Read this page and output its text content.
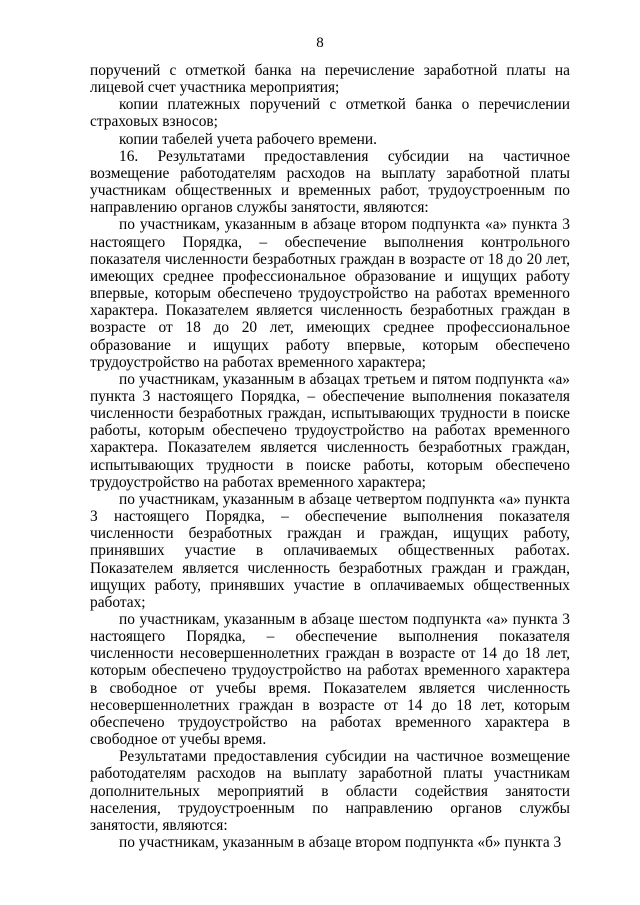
8

поручений с отметкой банка на перечисление заработной платы на лицевой счет участника мероприятия;

копии платежных поручений с отметкой банка о перечислении страховых взносов;

копии табелей учета рабочего времени.

16. Результатами предоставления субсидии на частичное возмещение работодателям расходов на выплату заработной платы участникам общественных и временных работ, трудоустроенным по направлению органов службы занятости, являются:

по участникам, указанным в абзаце втором подпункта «а» пункта 3 настоящего Порядка, – обеспечение выполнения контрольного показателя численности безработных граждан в возрасте от 18 до 20 лет, имеющих среднее профессиональное образование и ищущих работу впервые, которым обеспечено трудоустройство на работах временного характера. Показателем является численность безработных граждан в возрасте от 18 до 20 лет, имеющих среднее профессиональное образование и ищущих работу впервые, которым обеспечено трудоустройство на работах временного характера;

по участникам, указанным в абзацах третьем и пятом подпункта «а» пункта 3 настоящего Порядка, – обеспечение выполнения показателя численности безработных граждан, испытывающих трудности в поиске работы, которым обеспечено трудоустройство на работах временного характера. Показателем является численность безработных граждан, испытывающих трудности в поиске работы, которым обеспечено трудоустройство на работах временного характера;

по участникам, указанным в абзаце четвертом подпункта «а» пункта 3 настоящего Порядка, – обеспечение выполнения показателя численности безработных граждан и граждан, ищущих работу, принявших участие в оплачиваемых общественных работах. Показателем является численность безработных граждан и граждан, ищущих работу, принявших участие в оплачиваемых общественных работах;

по участникам, указанным в абзаце шестом подпункта «а» пункта 3 настоящего Порядка, – обеспечение выполнения показателя численности несовершеннолетних граждан в возрасте от 14 до 18 лет, которым обеспечено трудоустройство на работах временного характера в свободное от учебы время. Показателем является численность несовершеннолетних граждан в возрасте от 14 до 18 лет, которым обеспечено трудоустройство на работах временного характера в свободное от учебы время.

Результатами предоставления субсидии на частичное возмещение работодателям расходов на выплату заработной платы участникам дополнительных мероприятий в области содействия занятости населения, трудоустроенным по направлению органов службы занятости, являются:

по участникам, указанным в абзаце втором подпункта «б» пункта 3
